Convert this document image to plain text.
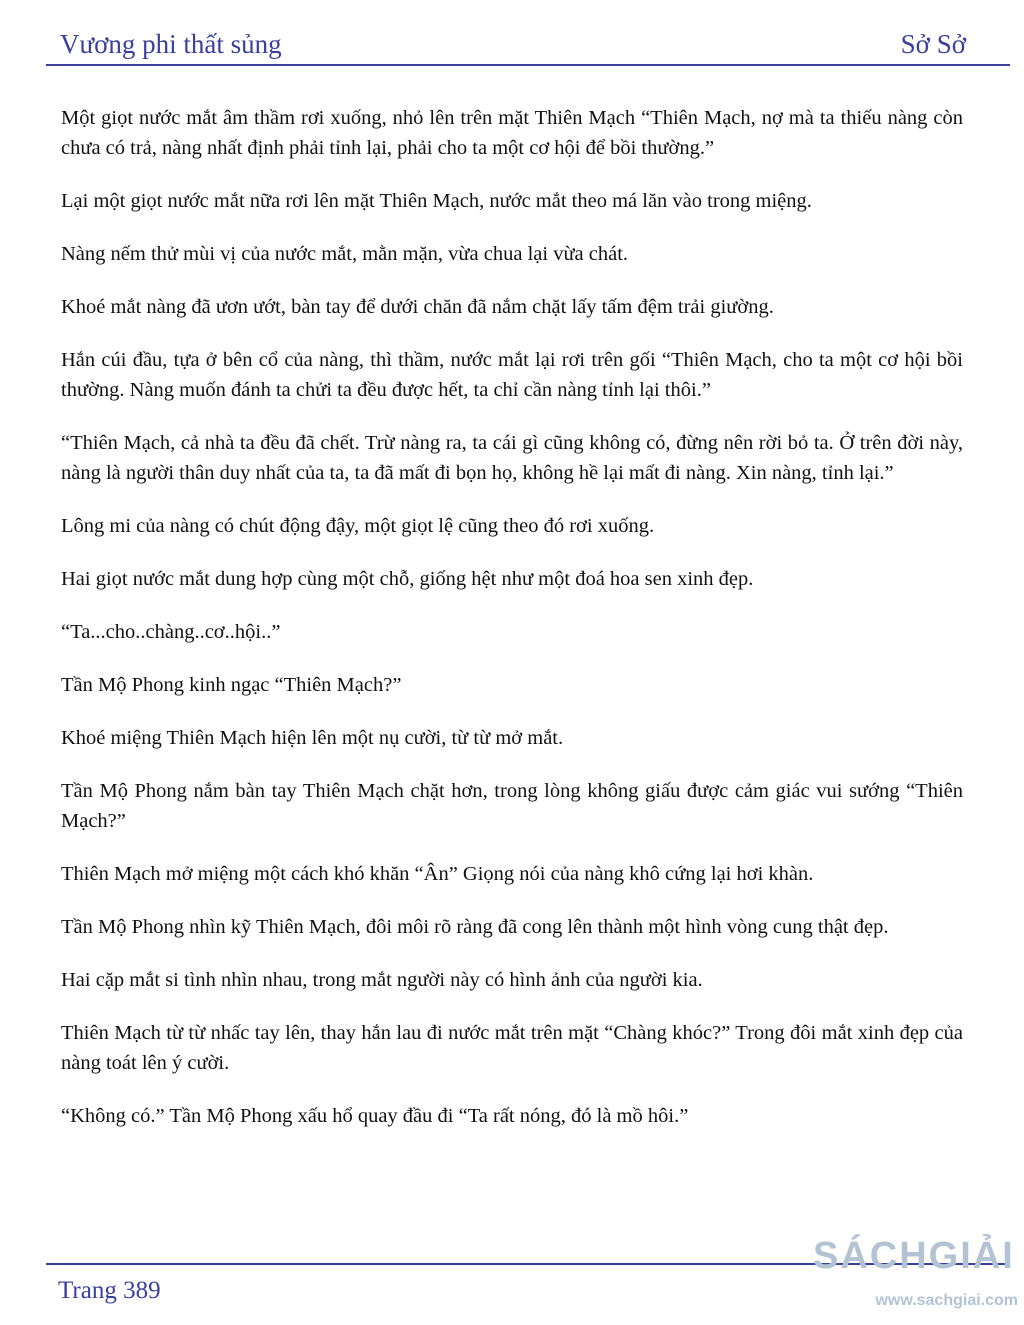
Vương phi thất sủng	Sở Sở

Một giọt nước mắt âm thầm rơi xuống, nhỏ lên trên mặt Thiên Mạch “Thiên Mạch, nợ mà ta thiếu nàng còn chưa có trả, nàng nhất định phải tỉnh lại, phải cho ta một cơ hội để bồi thường.”

Lại một giọt nước mắt nữa rơi lên mặt Thiên Mạch, nước mắt theo má lăn vào trong miệng.

Nàng nếm thử mùi vị của nước mắt, mằn mặn, vừa chua lại vừa chát.

Khoé mắt nàng đã ươn ướt, bàn tay để dưới chăn đã nắm chặt lấy tấm đệm trải giường.

Hắn cúi đầu, tựa ở bên cổ của nàng, thì thầm, nước mắt lại rơi trên gối “Thiên Mạch, cho ta một cơ hội bồi thường. Nàng muốn đánh ta chửi ta đều được hết, ta chỉ cần nàng tỉnh lại thôi.”

“Thiên Mạch, cả nhà ta đều đã chết. Trừ nàng ra, ta cái gì cũng không có, đừng nên rời bỏ ta. Ở trên đời này, nàng là người thân duy nhất của ta, ta đã mất đi bọn họ, không hề lại mất đi nàng. Xin nàng, tỉnh lại.”

Lông mi của nàng có chút động đậy, một giọt lệ cũng theo đó rơi xuống.

Hai giọt nước mắt dung hợp cùng một chỗ, giống hệt như một đoá hoa sen xinh đẹp.

“Ta...cho..chàng..cơ..hội..”

Tần Mộ Phong kinh ngạc “Thiên Mạch?”

Khoé miệng Thiên Mạch hiện lên một nụ cười, từ từ mở mắt.

Tần Mộ Phong nắm bàn tay Thiên Mạch chặt hơn, trong lòng không giấu được cảm giác vui sướng “Thiên Mạch?”

Thiên Mạch mở miệng một cách khó khăn “Ân” Giọng nói của nàng khô cứng lại hơi khàn.

Tần Mộ Phong nhìn kỹ Thiên Mạch, đôi môi rõ ràng đã cong lên thành một hình vòng cung thật đẹp.

Hai cặp mắt si tình nhìn nhau, trong mắt người này có hình ảnh của người kia.

Thiên Mạch từ từ nhấc tay lên, thay hắn lau đi nước mắt trên mặt “Chàng khóc?” Trong đôi mắt xinh đẹp của nàng toát lên ý cười.

“Không có.” Tần Mộ Phong xấu hổ quay đầu đi “Ta rất nóng, đó là mồ hôi.”

Trang 389
SÁCHGIẢI
www.sachgiai.com
